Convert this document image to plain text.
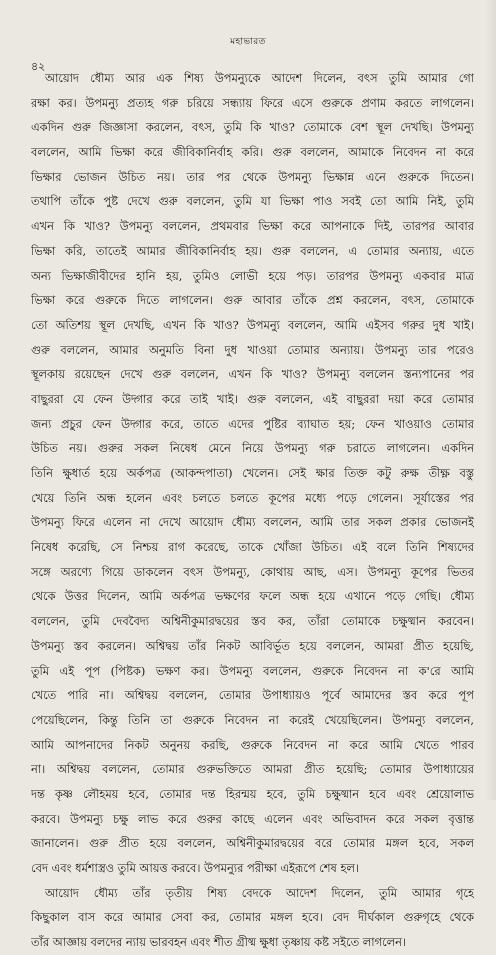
মহাভারত
৪২
আয়োদ ধৌম্য আর এক শিষ্য উপমন্যুকে আদেশ দিলেন, বৎস তুমি আমার গো
রক্ষা কর। উপমন্যু প্রত্যহ গরু চরিয়ে সন্ধ্যায় ফিরে এসে গুরুকে প্রণাম করতে লাগলেন।
একদিন গুরু জিজ্ঞাসা করলেন, বৎস, তুমি কি খাও? তোমাকে বেশ স্থূল দেখছি। উপমন্যু
বললেন, আমি ভিক্ষা করে জীবিকানির্বাহ করি। গুরু বললেন, আমাকে নিবেদন না করে
ভিক্ষার ভোজন উচিত নয়। তার পর থেকে উপমন্যু ভিক্ষান্ন এনে গুরুকে দিতেন।
তথাপি তাঁকে পুষ্ট দেখে গুরু বললেন, তুমি যা ভিক্ষা পাও সবই তো আমি নিই, তুমি
এখন কি খাও? উপমন্যু বললেন, প্রথমবার ভিক্ষা করে আপনাকে দিই, তারপর আবার
ভিক্ষা করি, তাতেই আমার জীবিকানির্বাহ হয়। গুরু বললেন, এ তোমার অন্যায়, এতে
অন্য ভিক্ষাজীবীদের হানি হয়, তুমিও লোভী হয়ে পড়। তারপর উপমন্যু একবার মাত্র
ভিক্ষা করে গুরুকে দিতে লাগলেন। গুরু আবার তাঁকে প্রশ্ন করলেন, বৎস, তোমাকে
তো অতিশয় স্থূল দেখছি, এখন কি খাও? উপমন্যু বললেন, আমি এইসব গরুর দুধ খাই।
গুরু বললেন, আমার অনুমতি বিনা দুধ খাওয়া তোমার অন্যায়। উপমন্যু তার পরেও
স্থূলকায় রয়েছেন দেখে গুরু বললেন, এখন কি খাও? উপমন্যু বললেন স্তন্যপানের পর
বাছুররা যে ফেন উদ্গার করে তাই খাই। গুরু বললেন, এই বাছুররা দয়া করে তোমার
জন্য প্রচুর ফেন উদ্গার করে, তাতে এদের পুষ্টির ব্যাঘাত হয়; ফেন খাওয়াও তোমার
উচিত নয়। গুরুর সকল নিষেধ মেনে নিয়ে উপমন্যু গরু চরাতে লাগলেন। একদিন
তিনি ক্ষুধার্ত হয়ে অর্কপত্র (আকন্দপাতা) খেলেন। সেই ক্ষার তিক্ত কটু রুক্ষ তীক্ষ্ণ বস্তু
খেয়ে তিনি অন্ধ হলেন এবং চলতে চলতে কূপের মধ্যে পড়ে গেলেন। সূর্যাস্তের পর
উপমন্যু ফিরে এলেন না দেখে আয়োদ ধৌম্য বললেন, আমি তার সকল প্রকার ভোজনই
নিষেধ করেছি, সে নিশ্চয় রাগ করেছে, তাকে খোঁজা উচিত। এই বলে তিনি শিষ্যদের
সঙ্গে অরণ্যে গিয়ে ডাকলেন বৎস উপমন্যু, কোথায় আছ, এস। উপমন্যু কূপের ভিতর
থেকে উত্তর দিলেন, আমি অর্কপত্র ভক্ষণের ফলে অন্ধ হয়ে এখানে পড়ে গেছি। ধৌম্য
বললেন, তুমি দেববৈদ্য অশ্বিনীকুমারদ্বয়ের স্তব কর, তাঁরা তোমাকে চক্ষুষ্মান করবেন।
উপমন্যু স্তব করলেন। অশ্বিদ্বয় তাঁর নিকট আবির্ভূত হয়ে বললেন, আমরা প্রীত হয়েছি,
তুমি এই পূপ (পিষ্টক) ভক্ষণ কর। উপমন্যু বললেন, গুরুকে নিবেদন না ক'রে আমি
খেতে পারি না। অশ্বিদ্বয় বললেন, তোমার উপাধ্যায়ও পূর্বে আমাদের স্তব করে পূপ
পেয়েছিলেন, কিন্তু তিনি তা গুরুকে নিবেদন না করেই খেয়েছিলেন। উপমন্যু বললেন,
আমি আপনাদের নিকট অনুনয় করছি, গুরুকে নিবেদন না করে আমি খেতে পারব
না। অশ্বিদ্বয় বললেন, তোমার গুরুভক্তিতে আমরা প্রীত হয়েছি; তোমার উপাধ্যায়ের
দন্ত কৃষ্ণ লৌহময় হবে, তোমার দন্ত হিরন্ময় হবে, তুমি চক্ষুষ্মান হবে এবং শ্রেয়োলাভ
করবে। উপমন্যু চক্ষু লাভ করে গুরুর কাছে এলেন এবং অভিবাদন করে সকল বৃত্তান্ত
জানালেন। গুরু প্রীত হয়ে বললেন, অশ্বিনীকুমারদ্বয়ের বরে তোমার মঙ্গল হবে, সকল
বেদ এবং ধর্মশাস্ত্রও তুমি আয়ত্ত করবে। উপমন্যুর পরীক্ষা এইরূপে শেষ হল।
আয়োদ ধৌম্য তাঁর তৃতীয় শিষ্য বেদকে আদেশ দিলেন, তুমি আমার গৃহে
কিছুকাল বাস করে আমার সেবা কর, তোমার মঙ্গল হবে। বেদ দীর্ঘকাল গুরুগৃহে থেকে
তাঁর আজ্ঞায় বলদের ন্যায় ভারবহন এবং শীত গ্রীষ্ম ক্ষুধা তৃষ্ণায় কষ্ট সইতে লাগলেন।
